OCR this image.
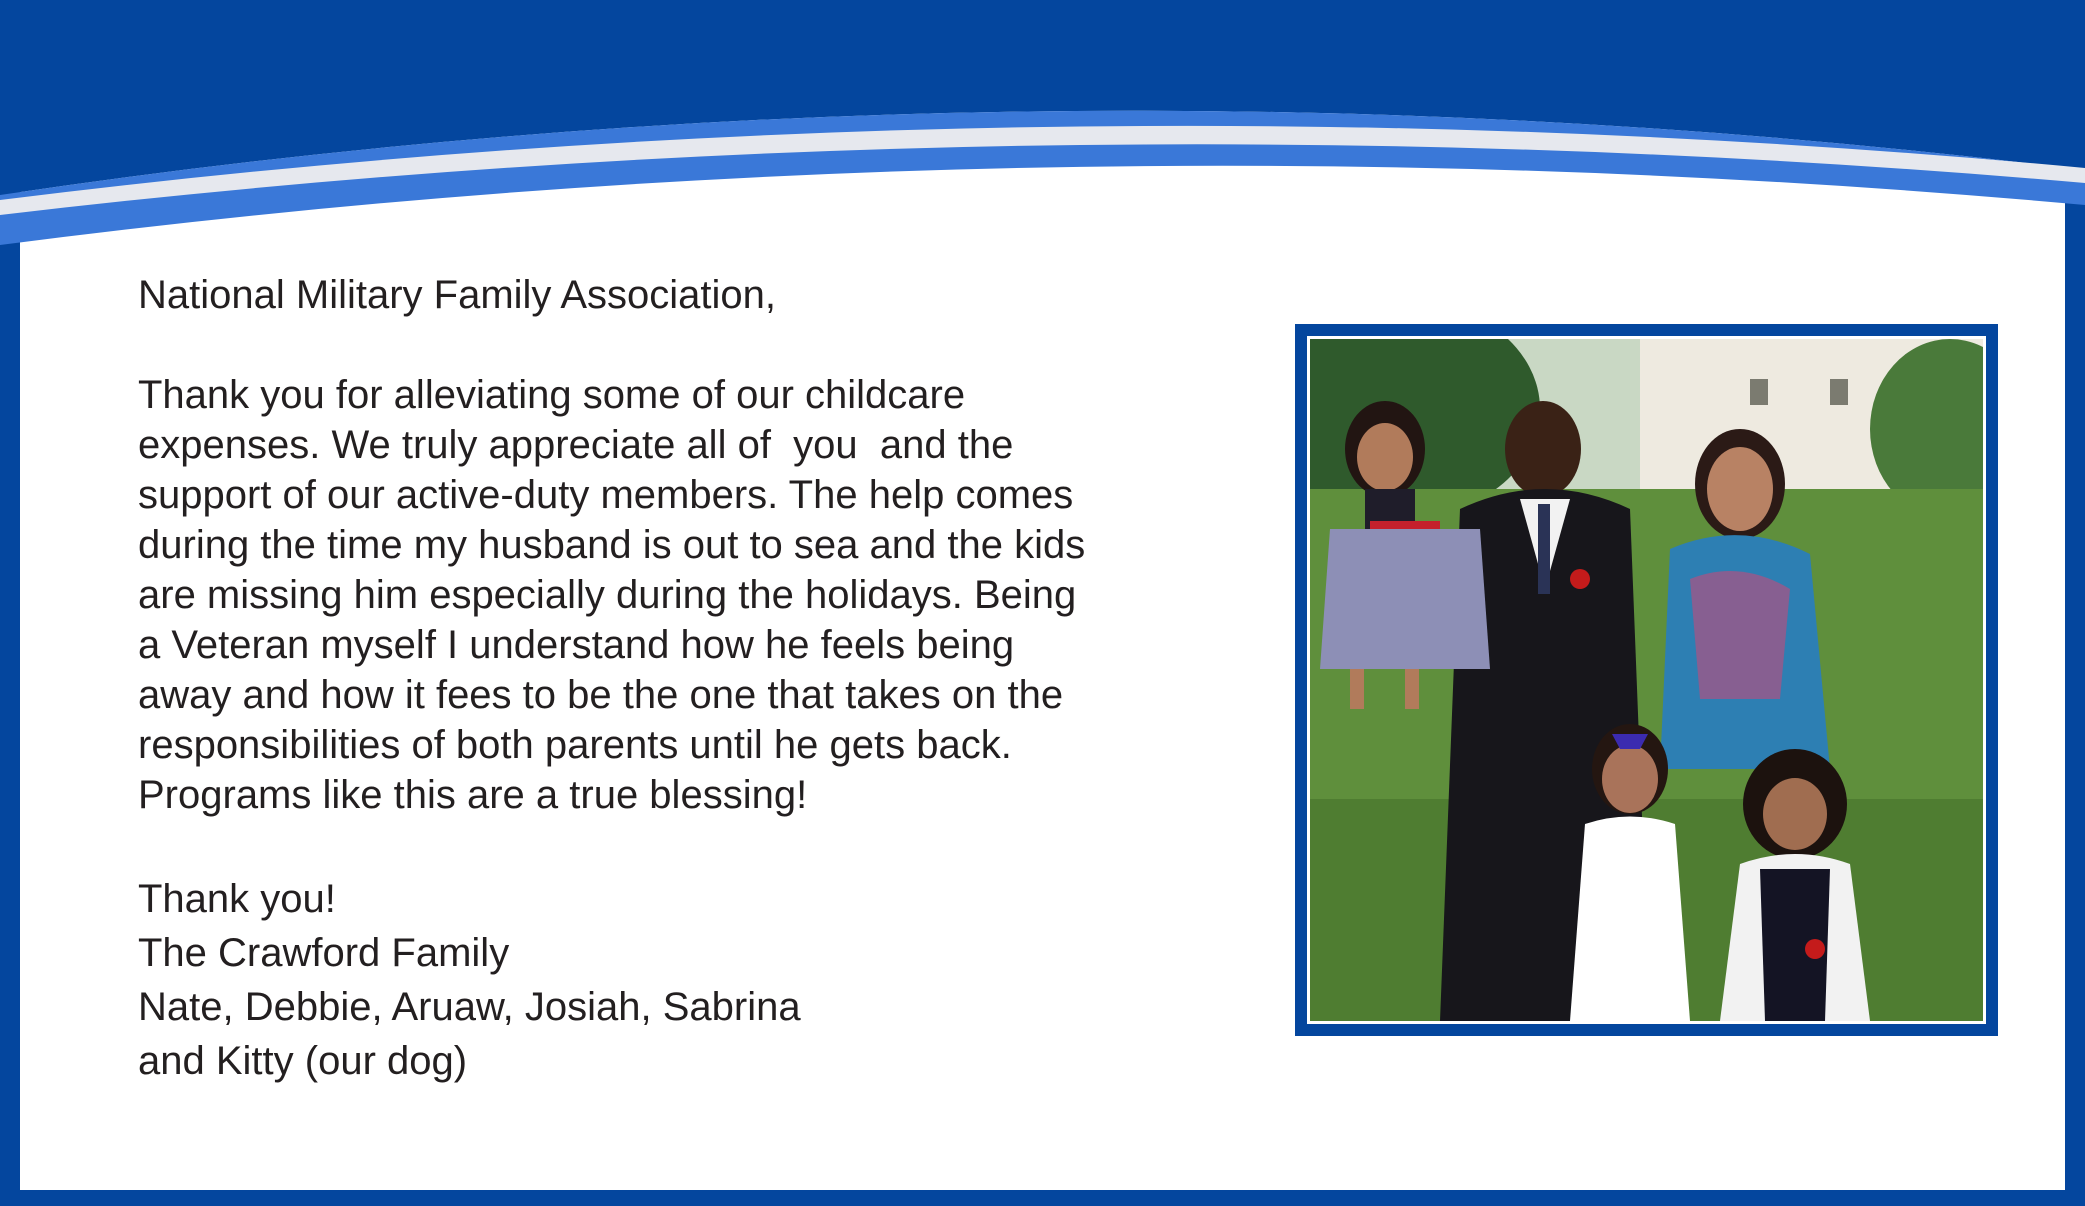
National Military Family Association,

Thank you for alleviating some of our childcare
expenses. We truly appreciate all of  you  and the
support of our active-duty members. The help comes
during the time my husband is out to sea and the kids
are missing him especially during the holidays. Being
a Veteran myself I understand how he feels being
away and how it fees to be the one that takes on the
responsibilities of both parents until he gets back.
Programs like this are a true blessing!

Thank you!
The Crawford Family
Nate, Debbie, Aruaw, Josiah, Sabrina
and Kitty (our dog)
